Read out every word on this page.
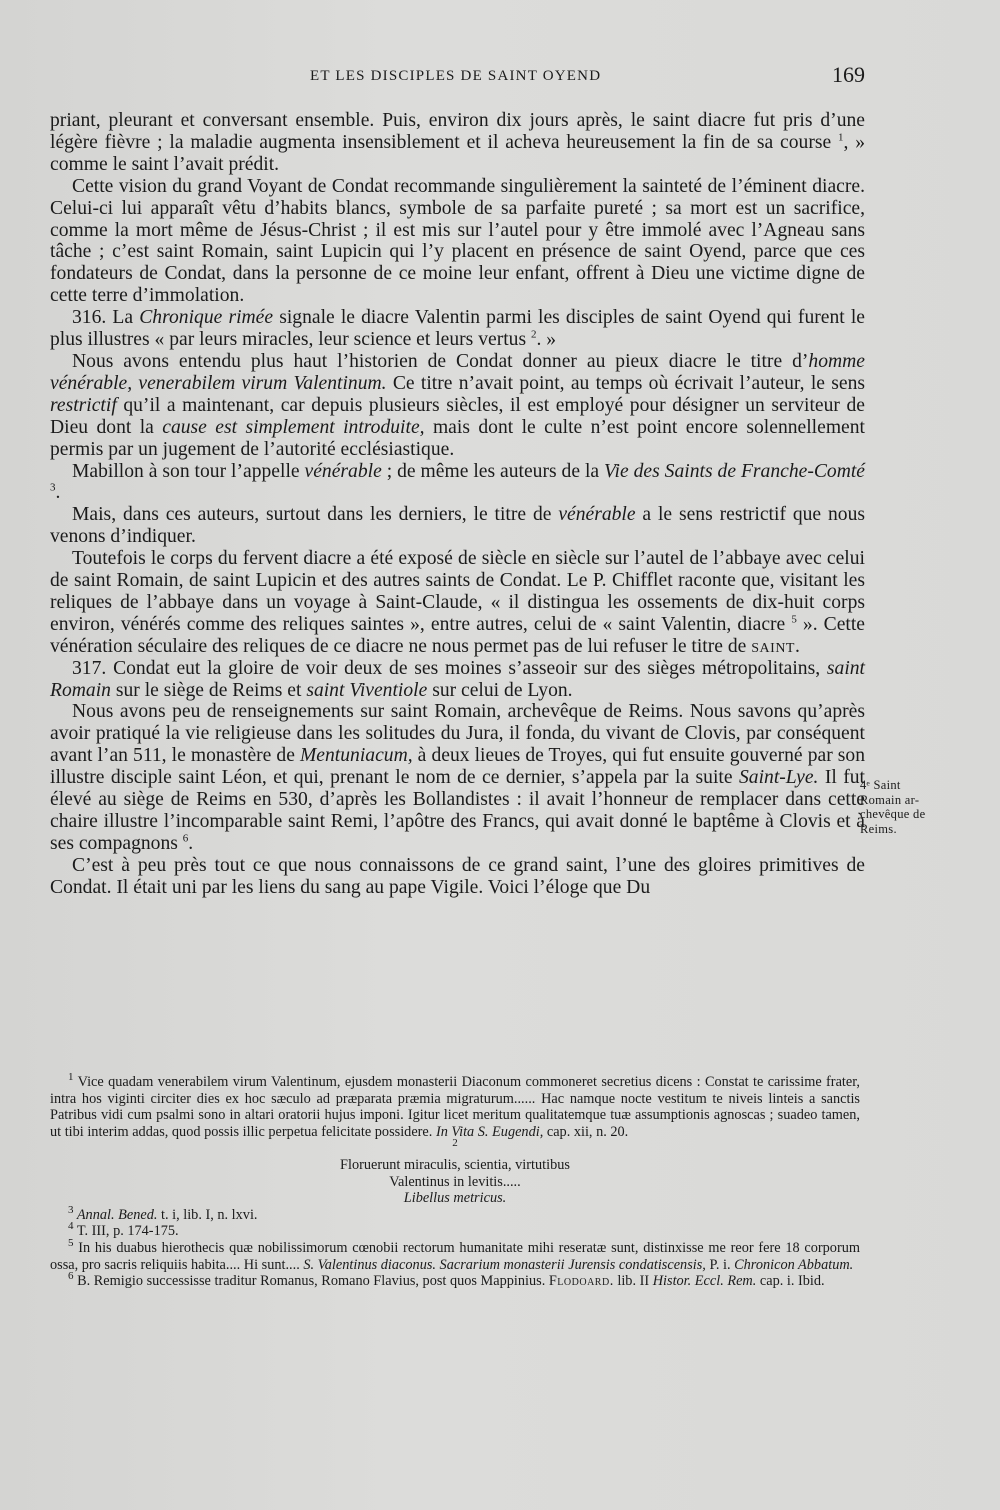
ET LES DISCIPLES DE SAINT OYEND	169

priant, pleurant et conversant ensemble. Puis, environ dix jours après, le saint diacre fut pris d’une légère fièvre ; la maladie augmenta insensiblement et il acheva heureusement la fin de sa course $^1$, » comme le saint l’avait prédit.

Cette vision du grand Voyant de Condat recommande singulièrement la sainteté de l’éminent diacre. Celui-ci lui apparaît vêtu d’habits blancs, symbole de sa parfaite pureté ; sa mort est un sacrifice, comme la mort même de Jésus-Christ ; il est mis sur l’autel pour y être immolé avec l’Agneau sans tâche ; c’est saint Romain, saint Lupicin qui l’y placent en présence de saint Oyend, parce que ces fondateurs de Condat, dans la personne de ce moine leur enfant, offrent à Dieu une victime digne de cette terre d’immolation.

316. La Chronique rimée signale le diacre Valentin parmi les disciples de saint Oyend qui furent le plus illustres « par leurs miracles, leur science et leurs vertus $^2$. »

Nous avons entendu plus haut l’historien de Condat donner au pieux diacre le titre d’homme vénérable, venerabilem virum Valentinum. Ce titre n’avait point, au temps où écrivait l’auteur, le sens restrictif qu’il a maintenant, car depuis plusieurs siècles, il est employé pour désigner un serviteur de Dieu dont la cause est simplement introduite, mais dont le culte n’est point encore solennellement permis par un jugement de l’autorité ecclésiastique.

Mabillon à son tour l’appelle vénérable ; de même les auteurs de la Vie des Saints de Franche-Comté $^3$.

Mais, dans ces auteurs, surtout dans les derniers, le titre de vénérable a le sens restrictif que nous venons d’indiquer.

Toutefois le corps du fervent diacre a été exposé de siècle en siècle sur l’autel de l’abbaye avec celui de saint Romain, de saint Lupicin et des autres saints de Condat. Le P. Chifflet raconte que, visitant les reliques de l’abbaye dans un voyage à Saint-Claude, « il distingua les ossements de dix-huit corps environ, vénérés comme des reliques saintes », entre autres, celui de « saint Valentin, diacre $^5$ ». Cette vénération séculaire des reliques de ce diacre ne nous permet pas de lui refuser le titre de saint.

317. Condat eut la gloire de voir deux de ses moines s’asseoir sur des sièges métropolitains, saint Romain sur le siège de Reims et saint Viventiole sur celui de Lyon.

Nous avons peu de renseignements sur saint Romain, archevêque de Reims. Nous savons qu’après avoir pratiqué la vie religieuse dans les solitudes du Jura, il fonda, du vivant de Clovis, par conséquent avant l’an 511, le monastère de Mentuniacum, à deux lieues de Troyes, qui fut ensuite gouverné par son illustre disciple saint Léon, et qui, prenant le nom de ce dernier, s’appela par la suite Saint-Lye. Il fut élevé au siège de Reims en 530, d’après les Bollandistes : il avait l’honneur de remplacer dans cette chaire illustre l’incomparable saint Remi, l’apôtre des Francs, qui avait donné le baptême à Clovis et à ses compagnons $^6$.

C’est à peu près tout ce que nous connaissons de ce grand saint, l’une des gloires primitives de Condat. Il était uni par les liens du sang au pape Vigile. Voici l’éloge que Du

4ᵉ Saint
Romain ar-
chevêque de
Reims.

$^1$ Vice quadam venerabilem virum Valentinum, ejusdem monasterii Diaconum commoneret secretius dicens : Constat te carissime frater, intra hos viginti circiter dies ex hoc sæculo ad præparata præmia migraturum...... Hac namque nocte vestitum te niveis linteis a sanctis Patribus vidi cum psalmi sono in altari oratorii hujus imponi. Igitur licet meritum qualitatemque tuæ assumptionis agnoscas ; suadeo tamen, ut tibi interim addas, quod possis illic perpetua felicitate possidere. In Vita S. Eugendi, cap. xii, n. 20.

$^2$
Floruerunt miraculis, scientia, virtutibus
Valentinus in levitis.....
Libellus metricus.

$^3$ Annal. Bened. t. i, lib. I, n. lxvi.

$^4$ T. III, p. 174-175.

$^5$ In his duabus hierothecis quæ nobilissimorum cœnobii rectorum humanitate mihi reseratæ sunt, distinxisse me reor fere 18 corporum ossa, pro sacris reliquiis habita.... Hi sunt.... S. Valentinus diaconus. Sacrarium monasterii Jurensis condatiscensis, P. i. Chronicon Abbatum.

$^6$ B. Remigio successisse traditur Romanus, Romano Flavius, post quos Mappinius. Flodoard. lib. II Histor. Eccl. Rem. cap. i. Ibid.
